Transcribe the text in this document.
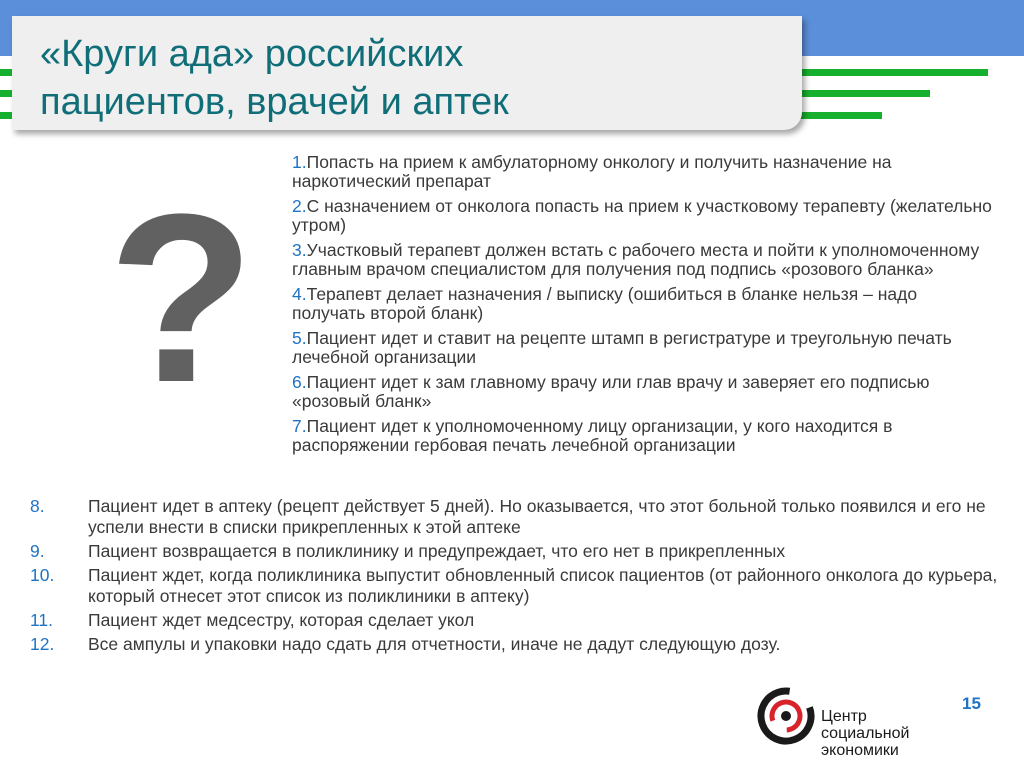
«Круги ада» российских
пациентов, врачей и аптек
?
1.Попасть на прием к амбулаторному онкологу и получить назначение на наркотический препарат
2.С назначением от онколога попасть на прием к участковому терапевту (желательно утром)
3.Участковый терапевт должен встать с рабочего места и пойти к уполномоченному главным врачом специалистом для получения под подпись «розового бланка»
4.Терапевт делает назначения / выписку (ошибиться в бланке нельзя – надо получать второй бланк)
5.Пациент идет и ставит на рецепте штамп в регистратуре и треугольную печать лечебной организации
6.Пациент идет к зам главному врачу или глав врачу и заверяет его подписью «розовый бланк»
7.Пациент идет к уполномоченному лицу организации, у кого находится в распоряжении гербовая печать лечебной организации
8.	Пациент идет в аптеку (рецепт действует 5 дней). Но оказывается, что этот больной только появился и его не успели внести в списки прикрепленных к этой аптеке
9.	Пациент возвращается в поликлинику и предупреждает, что его нет в прикрепленных
10.	Пациент ждет, когда поликлиника выпустит обновленный список пациентов (от районного онколога до курьера, который отнесет этот список из поликлиники в аптеку)
11.	Пациент ждет медсестру, которая сделает укол
12.	Все ампулы и упаковки надо сдать для отчетности, иначе не дадут следующую дозу.
15
Центр
социальной
экономики
